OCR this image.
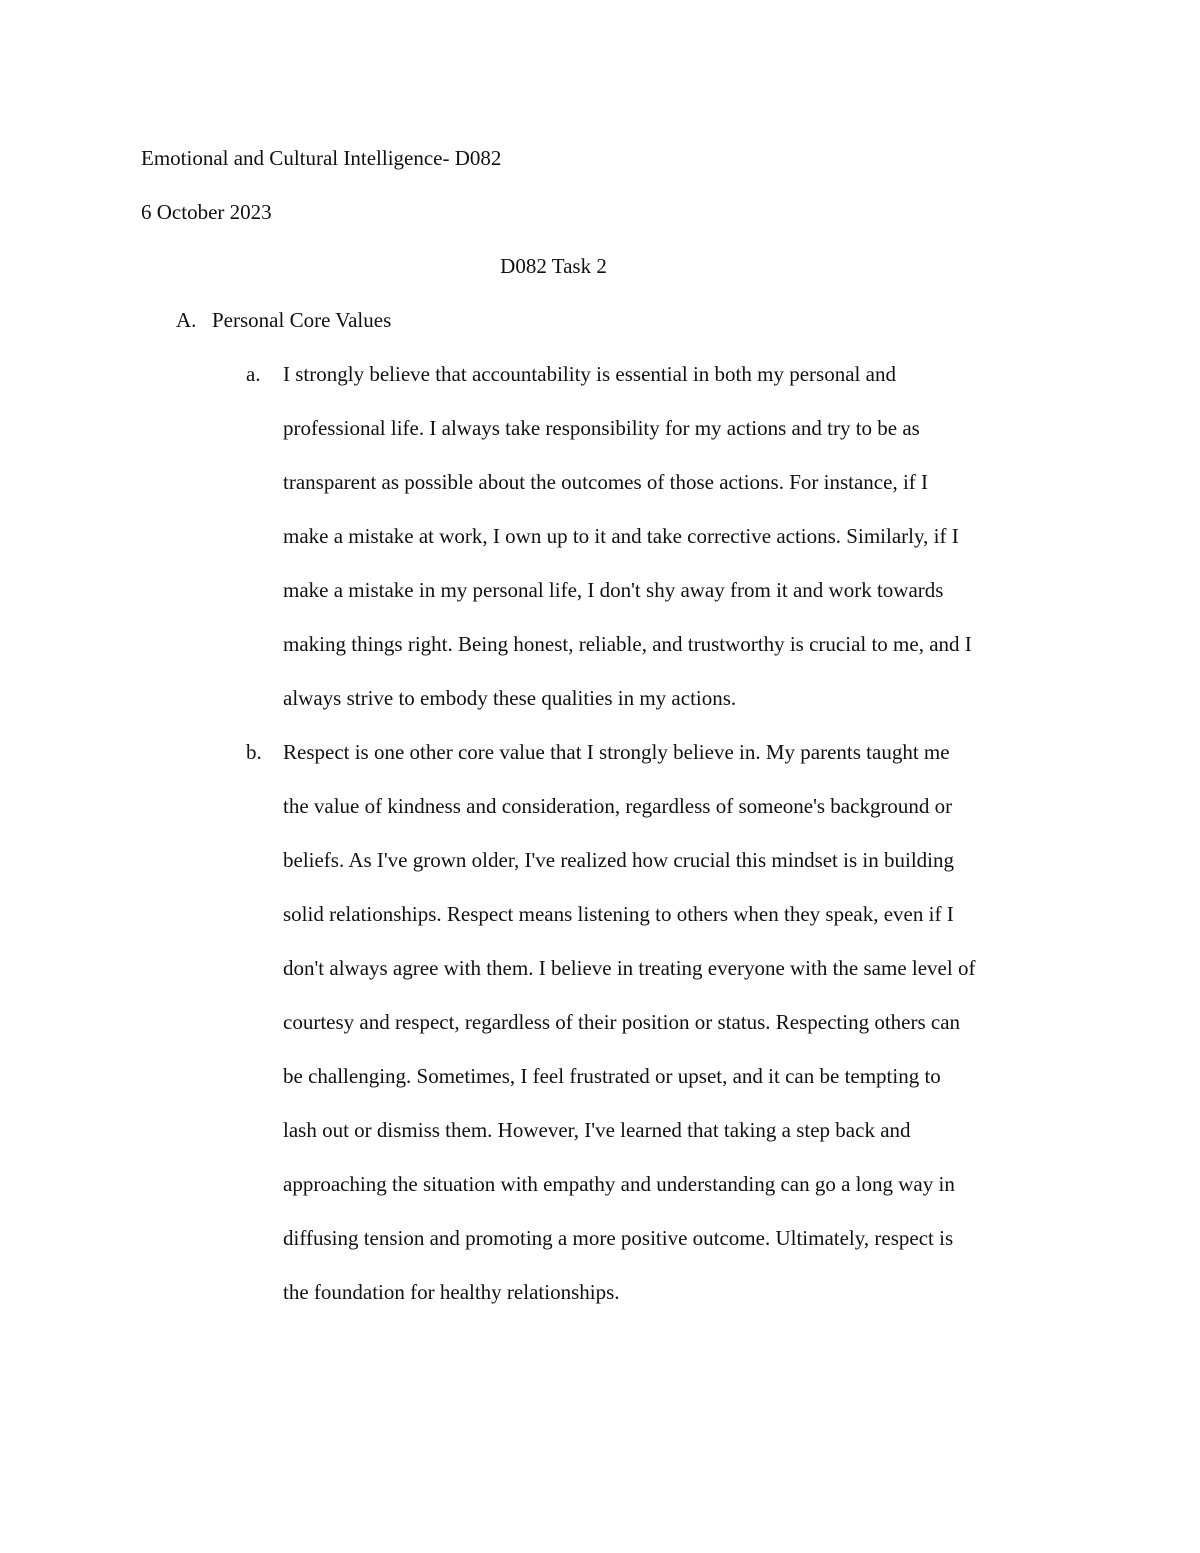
Emotional and Cultural Intelligence- D082

6 October 2023

D082 Task 2

A. Personal Core Values
a. I strongly believe that accountability is essential in both my personal and
professional life. I always take responsibility for my actions and try to be as
transparent as possible about the outcomes of those actions. For instance, if I
make a mistake at work, I own up to it and take corrective actions. Similarly, if I
make a mistake in my personal life, I don't shy away from it and work towards
making things right. Being honest, reliable, and trustworthy is crucial to me, and I
always strive to embody these qualities in my actions.
b. Respect is one other core value that I strongly believe in. My parents taught me
the value of kindness and consideration, regardless of someone's background or
beliefs. As I've grown older, I've realized how crucial this mindset is in building
solid relationships. Respect means listening to others when they speak, even if I
don't always agree with them. I believe in treating everyone with the same level of
courtesy and respect, regardless of their position or status. Respecting others can
be challenging. Sometimes, I feel frustrated or upset, and it can be tempting to
lash out or dismiss them. However, I've learned that taking a step back and
approaching the situation with empathy and understanding can go a long way in
diffusing tension and promoting a more positive outcome. Ultimately, respect is
the foundation for healthy relationships.
